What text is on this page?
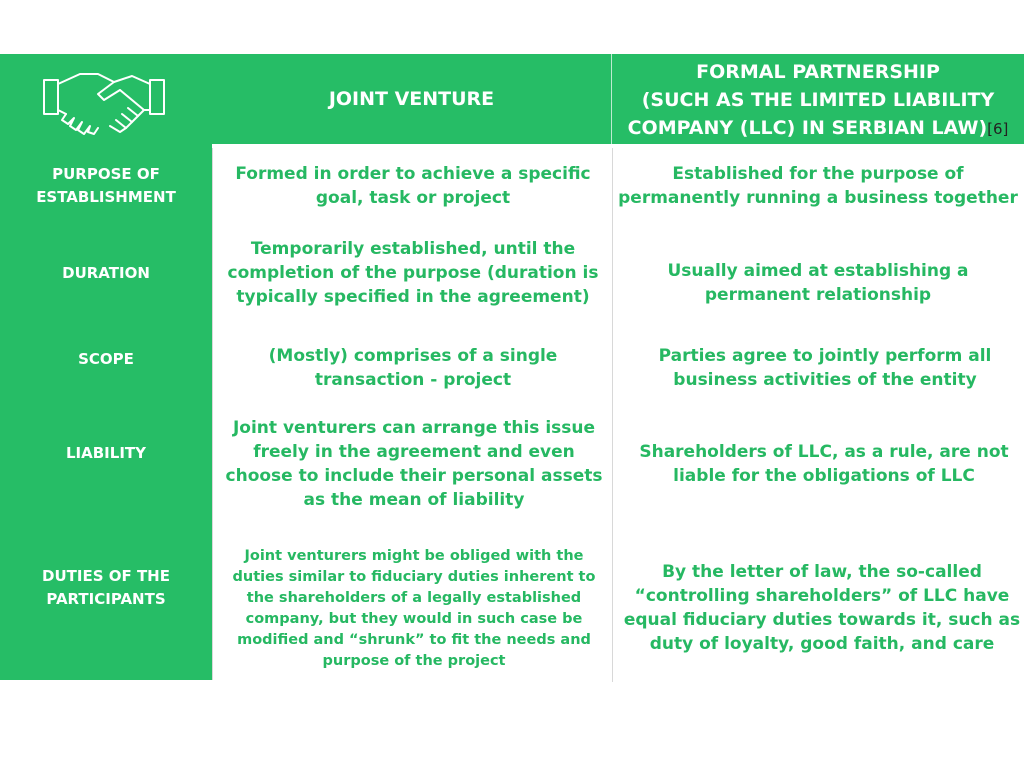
JOINT VENTURE
FORMAL PARTNERSHIP
(SUCH AS THE LIMITED LIABILITY
COMPANY (LLC) IN SERBIAN LAW)[6]
PURPOSE OF
ESTABLISHMENT
Formed in order to achieve a specific goal, task or project
Established for the purpose of permanently running a business together
DURATION
Temporarily established, until the completion of the purpose (duration is typically specified in the agreement)
Usually aimed at establishing a permanent relationship
SCOPE	(Mostly) comprises of a single transaction - project
Parties agree to jointly perform all business activities of the entity
LIABILITY
Joint venturers can arrange this issue freely in the agreement and even choose to include their personal assets as the mean of liability
Shareholders of LLC, as a rule, are not liable for the obligations of LLC
DUTIES OF THE
PARTICIPANTS
Joint venturers might be obliged with the duties similar to fiduciary duties inherent to the shareholders of a legally established company, but they would in such case be modified and “shrunk” to fit the needs and purpose of the project
By the letter of law, the so-called “controlling shareholders” of LLC have equal fiduciary duties towards it, such as duty of loyalty, good faith, and care
